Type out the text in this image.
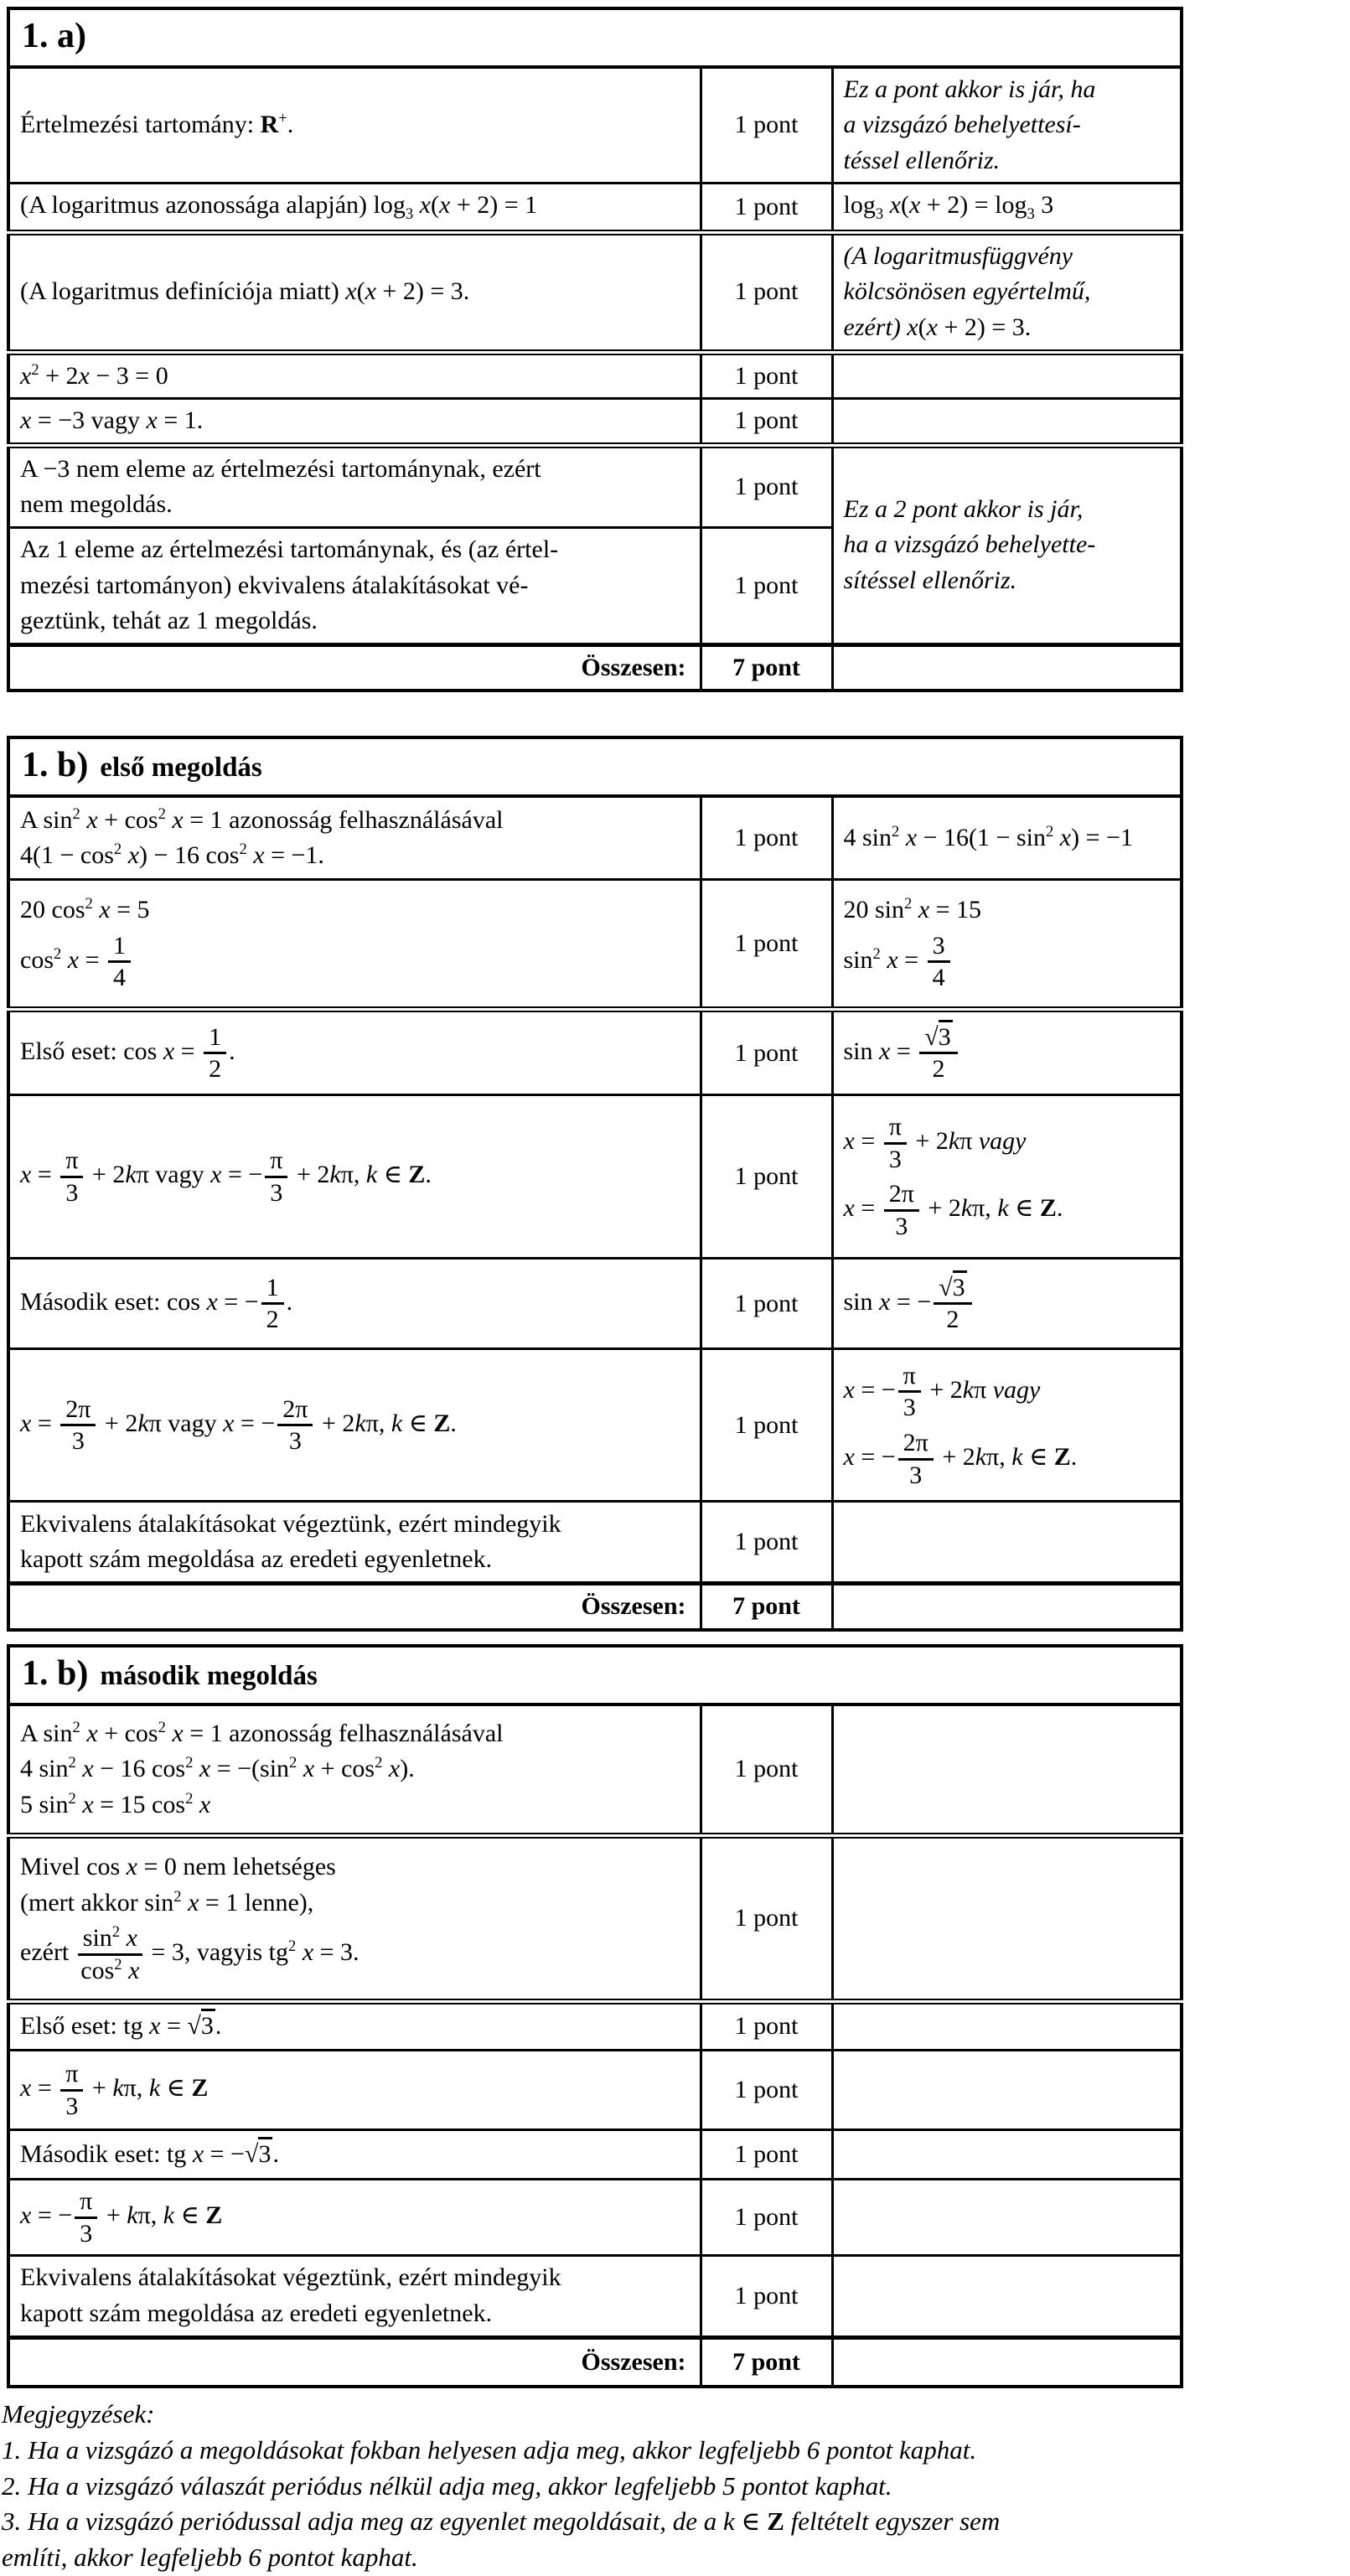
1. a)		
Értelmezési tartomány: R+.	1 pont	Ez a pont akkor is jár, ha
a vizsgázó behelyettesí-
téssel ellenőriz.
(A logaritmus azonossága alapján) $\log_3 x(x + 2) = 1$	1 pont	$\log_3 x(x + 2) = \log_3 3$
(A logaritmus definíciója miatt) x(x + 2) = 3.	1 pont	(A logaritmusfüggvény
kölcsönösen egyértelmű,
ezért) x(x + 2) = 3.
$x^2 + 2x - 3 = 0$	1 pont	
x = −3 vagy x = 1.	1 pont	
A −3 nem eleme az értelmezési tartománynak, ezért
nem megoldás.	1 pont	Ez a 2 pont akkor is jár,
ha a vizsgázó behelyette-
sítéssel ellenőriz.
Az 1 eleme az értelmezési tartománynak, és (az értel-
mezési tartományon) ekvivalens átalakításokat vé-
geztünk, tehát az 1 megoldás.	1 pont	
Összesen:	7 pont	
1. b) első megoldás		
A $\sin^2 x + \cos^2 x = 1$ azonosság felhasználásával
$4(1 - \cos^2 x) - 16$ $\cos^2 x = -1$.	1 pont	4 $\sin^2 x - 16(1 - \sin^2 x) = -1$
20 $\cos^2 x = 5$
$\cos^2 x = \frac{1}{4}$	1 pont	20 $\sin^2 x = 15$
$\sin^2 x = \frac{3}{4}$

Első eset: $\cos x = \frac{1}{2}$ .	1 pont	$\sin x = \frac{√3}{2}$

$x = \frac{\pi}{3} + 2k\pi$ vagy x = − $\frac{\pi}{3} + 2k\pi$, k ∈ Z.	1 pont	$x = \frac{\pi}{3} + 2k\pi$ vagy
$x = \frac{2\pi}{3} + 2k\pi$, k ∈ Z.
Második eset: cos x = − $\frac{1}{2}$ .	1 pont	sin x = − $\frac{√3}{2}$

$x = \frac{2\pi}{3} + 2k\pi$ vagy x = − $\frac{2\pi}{3} + 2k\pi$, k ∈ Z.	1 pont	x = − $\frac{\pi}{3} + 2k\pi$ vagy
x = − $\frac{2\pi}{3} + 2k\pi$, k ∈ Z.
Ekvivalens átalakításokat végeztünk, ezért mindegyik
kapott szám megoldása az eredeti egyenletnek.	1 pont	
Összesen:	7 pont	
1. b) második megoldás		
A $\sin^2 x + \cos^2 x = 1$ azonosság felhasználásával
4 $\sin^2 x - 16$ $\cos^2 x = -(\sin^2$ $x + \cos^2 x$).
5 $\sin^2 x = 15$ $\cos^2 x$	1 pont	
Mivel cos x = 0 nem lehetséges
(mert akkor $\sin^2 x = 1$ lenne),
ezért $\frac{\sin^2 x}{\cos^2 x} = 3$, vagyis $tg^2$ x = 3.	1 pont	
Első eset: tg x = √3.	1 pont	
$x = \frac{\pi}{3} + k\pi$, k ∈ Z	1 pont	
Második eset: tg x = −√3.	1 pont	
x = − $\frac{\pi}{3} + k\pi$, k ∈ Z	1 pont	
Ekvivalens átalakításokat végeztünk, ezért mindegyik
kapott szám megoldása az eredeti egyenletnek.	1 pont	
Összesen:	7 pont	

Megjegyzések:

1. Ha a vizsgázó a megoldásokat fokban helyesen adja meg, akkor legfeljebb 6 pontot kaphat.

2. Ha a vizsgázó válaszát periódus nélkül adja meg, akkor legfeljebb 5 pontot kaphat.

3. Ha a vizsgázó periódussal adja meg az egyenlet megoldásait, de a k ∈ Z feltételt egyszer sem
említi, akkor legfeljebb 6 pontot kaphat.
